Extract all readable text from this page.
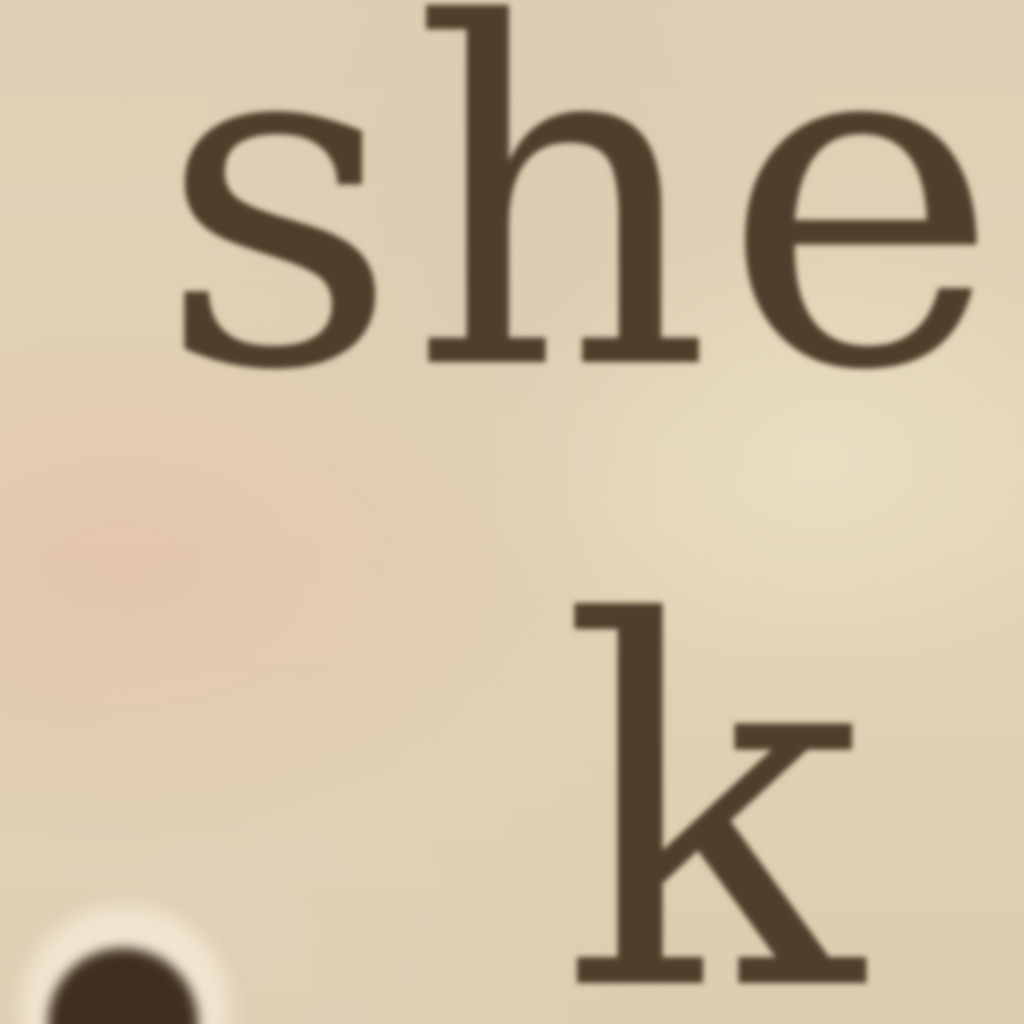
she
k
